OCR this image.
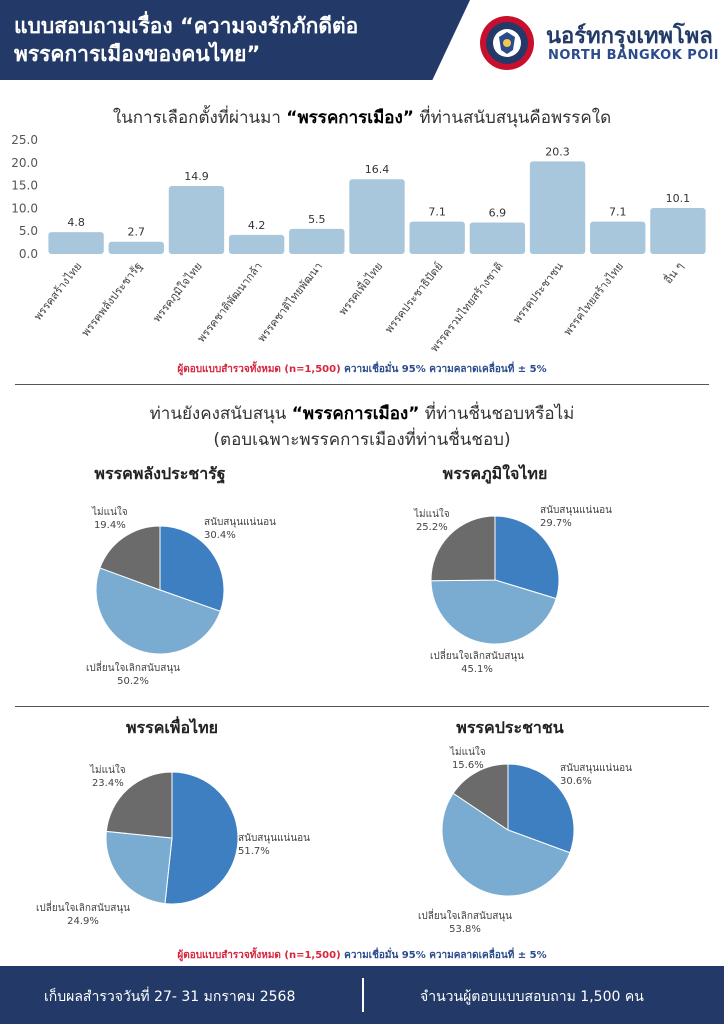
แบบสอบถามเรื่อง “ความจงรักภักดีต่อ
พรรคการเมืองของคนไทย”
นอร์ทกรุงเทพโพล
NORTH BANGKOK POll
ในการเลือกตั้งที่ผ่านมา “พรรคการเมือง” ที่ท่านสนับสนุนคือพรรคใด
0.0
5.0
10.0
15.0
20.0
25.0
4.8
พรรคสร้างไทย
2.7
พรรคพลังประชารัฐ
14.9
พรรคภูมิใจไทย
4.2
พรรคชาติพัฒนากล้า
5.5
พรรคชาติไทยพัฒนา
16.4
พรรคเพื่อไทย
7.1
พรรคประชาธิปัตย์
6.9
พรรครวมไทยสร้างชาติ
20.3
พรรคประชาชน
7.1
พรรคไทยสร้างไทย
10.1
อื่น ๆ
ผู้ตอบแบบสำรวจทั้งหมด (n=1,500) ความเชื่อมั่น 95% ความคลาดเคลื่อนที่ ± 5%
ท่านยังคงสนับสนุน “พรรคการเมือง” ที่ท่านชื่นชอบหรือไม่
(ตอบเฉพาะพรรคการเมืองที่ท่านชื่นชอบ)
พรรคพลังประชารัฐ
สนับสนุนแน่นอน
30.4%
เปลี่ยนใจเลิกสนับสนุน
50.2%
ไม่แน่ใจ
19.4%
พรรคภูมิใจไทย
สนับสนุนแน่นอน
29.7%
เปลี่ยนใจเลิกสนับสนุน
45.1%
ไม่แน่ใจ
25.2%
พรรคเพื่อไทย
สนับสนุนแน่นอน
51.7%
เปลี่ยนใจเลิกสนับสนุน
24.9%
ไม่แน่ใจ
23.4%
พรรคประชาชน
สนับสนุนแน่นอน
30.6%
เปลี่ยนใจเลิกสนับสนุน
53.8%
ไม่แน่ใจ
15.6%
ผู้ตอบแบบสำรวจทั้งหมด (n=1,500) ความเชื่อมั่น 95% ความคลาดเคลื่อนที่ ± 5%
เก็บผลสำรวจวันที่ 27- 31 มกราคม 2568	จำนวนผู้ตอบแบบสอบถาม 1,500 คน
